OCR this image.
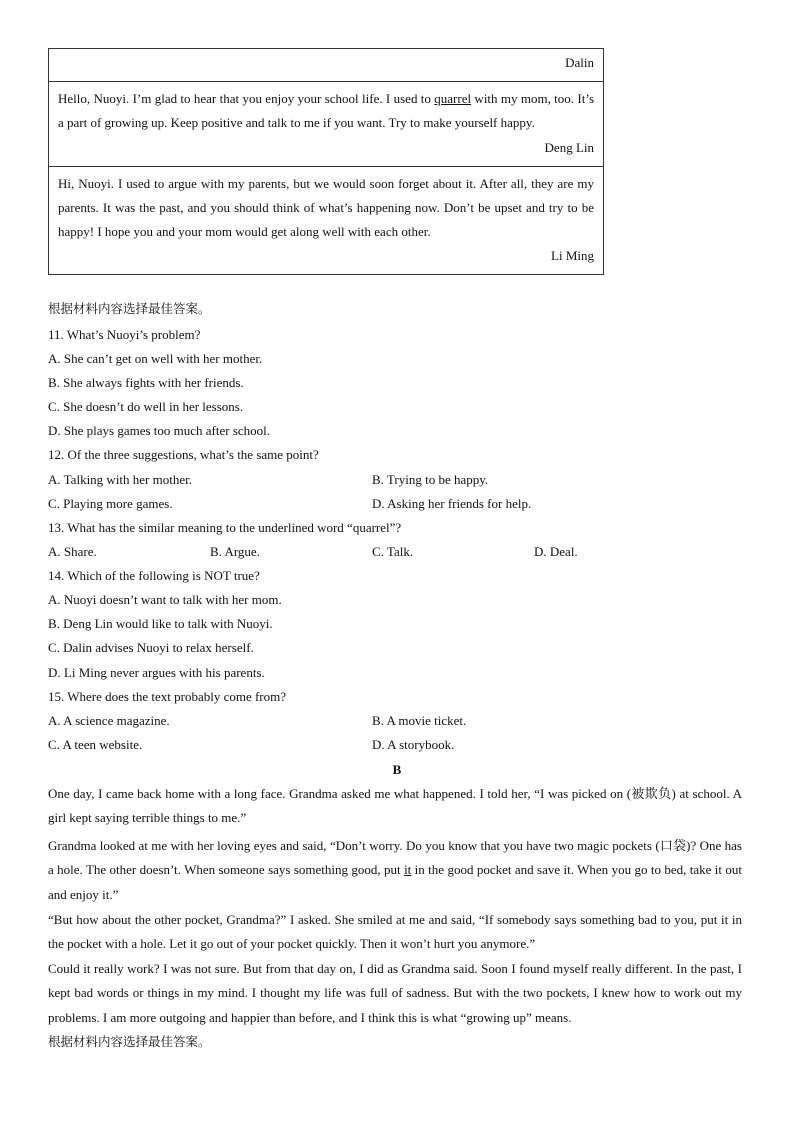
Dalin
Hello, Nuoyi. I’m glad to hear that you enjoy your school life. I used to quarrel with my mom, too. It’s a part of growing up. Keep positive and talk to me if you want. Try to make yourself happy.
Deng Lin
Hi, Nuoyi. I used to argue with my parents, but we would soon forget about it. After all, they are my parents. It was the past, and you should think of what’s happening now. Don’t be upset and try to be happy! I hope you and your mom would get along well with each other.
Li Ming
根据材料内容选择最佳答案。
11. What’s Nuoyi’s problem?
A. She can’t get on well with her mother.
B. She always fights with her friends.
C. She doesn’t do well in her lessons.
D. She plays games too much after school.
12. Of the three suggestions, what’s the same point?
A. Talking with her mother.	B. Trying to be happy.
C. Playing more games.	D. Asking her friends for help.
13. What has the similar meaning to the underlined word “quarrel”?
A. Share.	B. Argue.	C. Talk.	D. Deal.
14. Which of the following is NOT true?
A. Nuoyi doesn’t want to talk with her mom.
B. Deng Lin would like to talk with Nuoyi.
C. Dalin advises Nuoyi to relax herself.
D. Li Ming never argues with his parents.
15. Where does the text probably come from?
A. A science magazine.	B. A movie ticket.
C. A teen website.	D. A storybook.
B
One day, I came back home with a long face. Grandma asked me what happened. I told her, “I was picked on (被欺负) at school. A girl kept saying terrible things to me.”
Grandma looked at me with her loving eyes and said, “Don’t worry. Do you know that you have two magic pockets (口袋)? One has a hole. The other doesn’t. When someone says something good, put it in the good pocket and save it. When you go to bed, take it out and enjoy it.”
“But how about the other pocket, Grandma?” I asked. She smiled at me and said, “If somebody says something bad to you, put it in the pocket with a hole. Let it go out of your pocket quickly. Then it won’t hurt you anymore.”
Could it really work? I was not sure. But from that day on, I did as Grandma said. Soon I found myself really different. In the past, I kept bad words or things in my mind. I thought my life was full of sadness. But with the two pockets, I knew how to work out my problems. I am more outgoing and happier than before, and I think this is what “growing up” means.
根据材料内容选择最佳答案。
